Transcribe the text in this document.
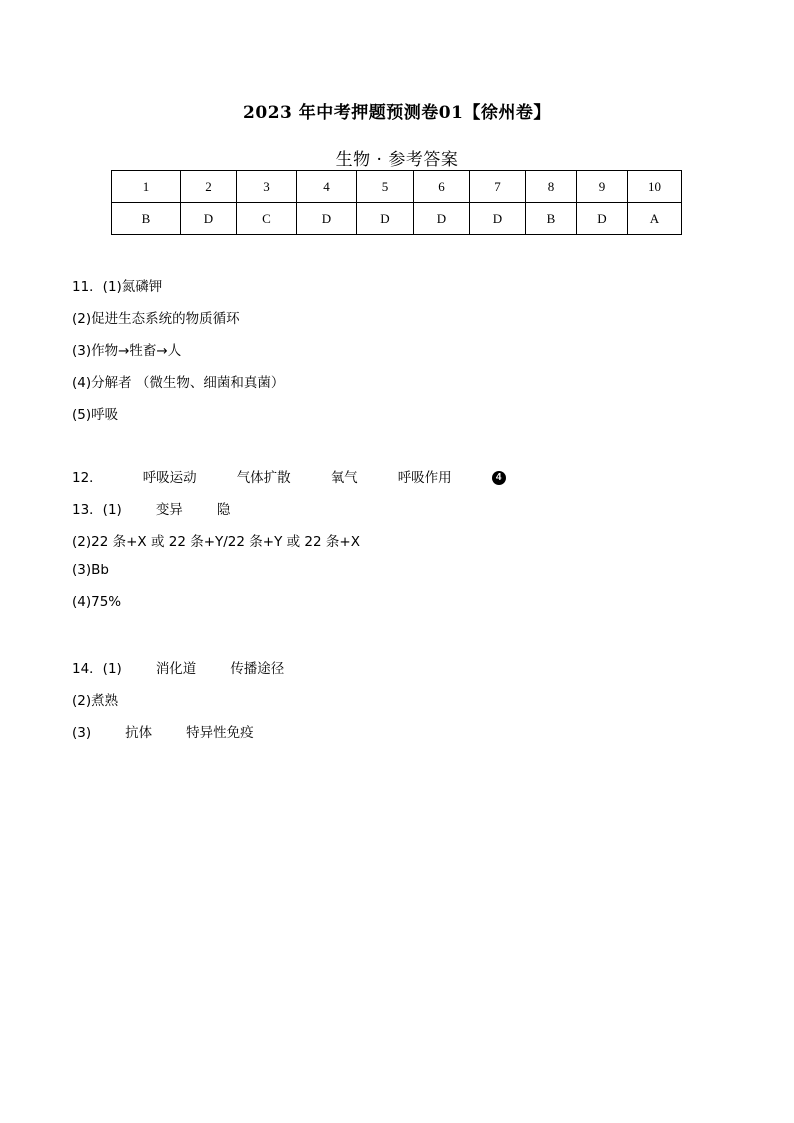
2023 年中考押题预测卷01【徐州卷】
生物 · 参考答案
1	2	3	4	5	6	7	8	9	10
B	D	C	D	D	D	D	B	D	A
11．(1)氮磷钾
(2)促进生态系统的物质循环
(3)作物→牲畜→人
(4)分解者 （微生物、细菌和真菌）
(5)呼吸
12．	呼吸运动	气体扩散	氧气	呼吸作用	4
13．(1)	变异	隐
(2)22 条+X 或 22 条+Y/22 条+Y 或 22 条+X
(3)Bb
(4)75%
14．(1)	消化道	传播途径
(2)煮熟
(3)	抗体	特异性免疫
